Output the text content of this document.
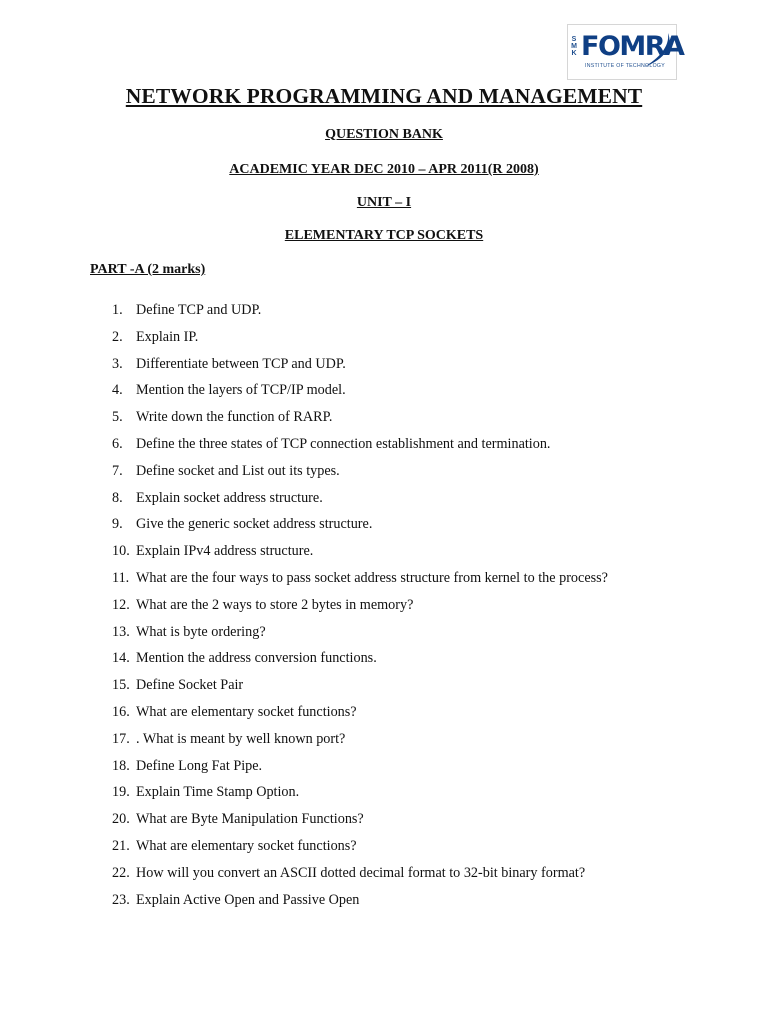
S
M
K FOMRA
INSTITUTE OF TECHNOLOGY
NETWORK PROGRAMMING AND MANAGEMENT
QUESTION BANK
ACADEMIC YEAR DEC 2010 – APR 2011(R 2008)
UNIT – I
ELEMENTARY TCP SOCKETS
PART -A (2 marks)
1. Define TCP and UDP.
2. Explain IP.
3. Differentiate between TCP and UDP.
4. Mention the layers of TCP/IP model.
5. Write down the function of RARP.
6. Define the three states of TCP connection establishment and termination.
7. Define socket and List out its types.
8. Explain socket address structure.
9. Give the generic socket address structure.
10. Explain IPv4 address structure.
11. What are the four ways to pass socket address structure from kernel to the process?
12. What are the 2 ways to store 2 bytes in memory?
13. What is byte ordering?
14. Mention the address conversion functions.
15. Define Socket Pair
16. What are elementary socket functions?
17. . What is meant by well known port?
18. Define Long Fat Pipe.
19. Explain Time Stamp Option.
20. What are Byte Manipulation Functions?
21. What are elementary socket functions?
22. How will you convert an ASCII dotted decimal format to 32-bit binary format?
23. Explain Active Open and Passive Open
